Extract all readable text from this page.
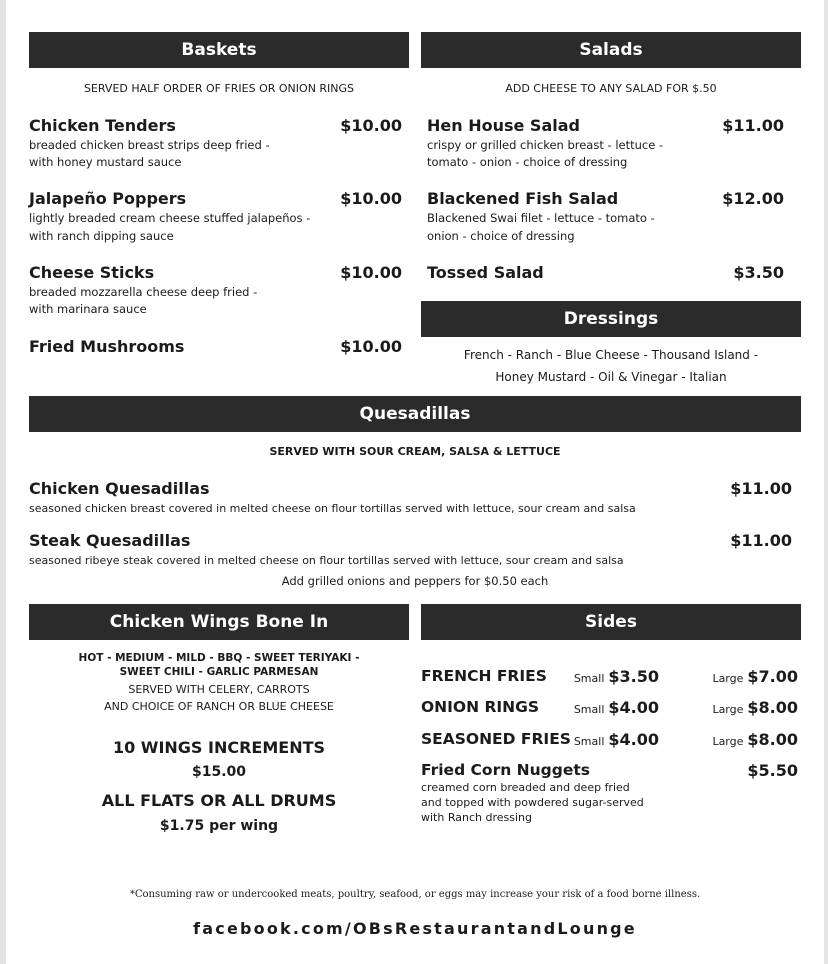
Baskets
SERVED HALF ORDER OF FRIES OR ONION RINGS
Chicken Tenders	$10.00
breaded chicken breast strips deep fried -
with honey mustard sauce
Jalapeño Poppers	$10.00
lightly breaded cream cheese stuffed jalapeños -
with ranch dipping sauce
Cheese Sticks	$10.00
breaded mozzarella cheese deep fried -
with marinara sauce
Fried Mushrooms	$10.00
Salads
ADD CHEESE TO ANY SALAD FOR $.50
Hen House Salad	$11.00
crispy or grilled chicken breast - lettuce -
tomato - onion - choice of dressing
Blackened Fish Salad	$12.00
Blackened Swai filet - lettuce - tomato -
onion - choice of dressing
Tossed Salad	$3.50
Dressings
French - Ranch - Blue Cheese - Thousand Island -
Honey Mustard - Oil & Vinegar - Italian
Quesadillas
SERVED WITH SOUR CREAM, SALSA & LETTUCE
Chicken Quesadillas	$11.00
seasoned chicken breast covered in melted cheese on flour tortillas served with lettuce, sour cream and salsa
Steak Quesadillas	$11.00
seasoned ribeye steak covered in melted cheese on flour tortillas served with lettuce, sour cream and salsa
Add grilled onions and peppers for $0.50 each
Chicken Wings Bone In
HOT - MEDIUM - MILD - BBQ - SWEET TERIYAKI -
SWEET CHILI - GARLIC PARMESAN
SERVED WITH CELERY, CARROTS
AND CHOICE OF RANCH OR BLUE CHEESE
10 WINGS INCREMENTS
$15.00
ALL FLATS OR ALL DRUMS
$1.75 per wing
Sides
FRENCH FRIES	Small $3.50	Large $7.00
ONION RINGS	Small $4.00	Large $8.00
SEASONED FRIES Small $4.00	Large $8.00
Fried Corn Nuggets	$5.50
creamed corn breaded and deep fried
and topped with powdered sugar-served
with Ranch dressing
*Consuming raw or undercooked meats, poultry, seafood, or eggs may increase your risk of a food borne illness.
facebook.com/OBsRestaurantandLounge
